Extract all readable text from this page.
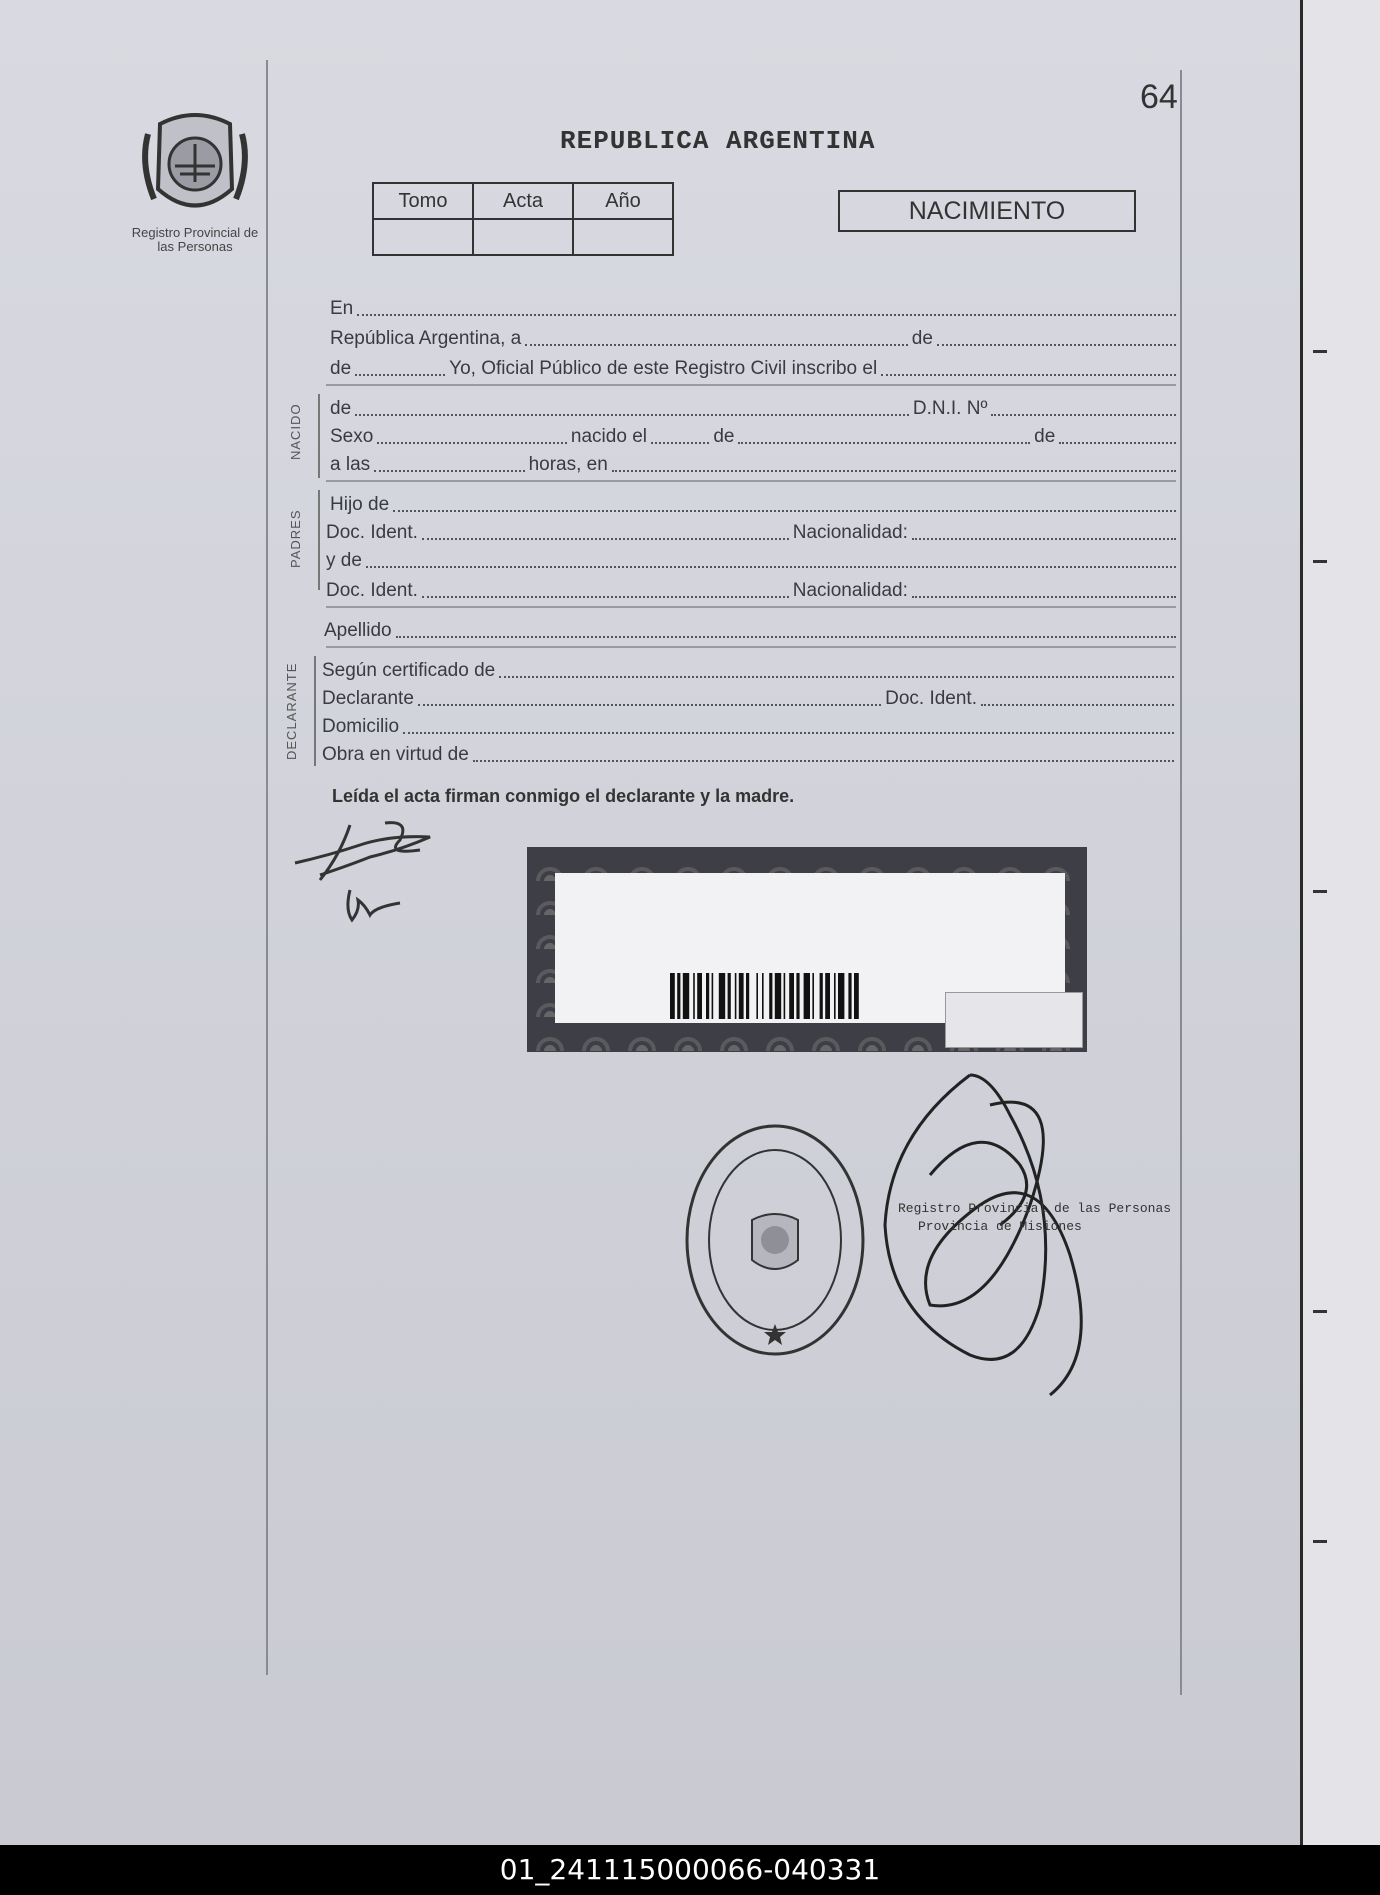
Registro Provincial de las Personas
64
REPUBLICA ARGENTINA
Tomo	Acta	Año
			NACIMIENTO
En
República Argentina, a	de
de	Yo, Oficial Público de este Registro Civil inscribo el
NACIDO de	D.N.I. Nº
Sexo	nacido el	de	de
a las	horas, en
PADRES
Hijo de
Doc. Ident.	Nacionalidad:
y de
Doc. Ident.	Nacionalidad:
Apellido
DECLARANTE Según certificado de
Declarante	Doc. Ident.
Domicilio
Obra en virtud de
Leída el acta firman conmigo el declarante y la madre.
Registro Provincial de las Personas
Provincia de Misiones
01_241115000066-040331
